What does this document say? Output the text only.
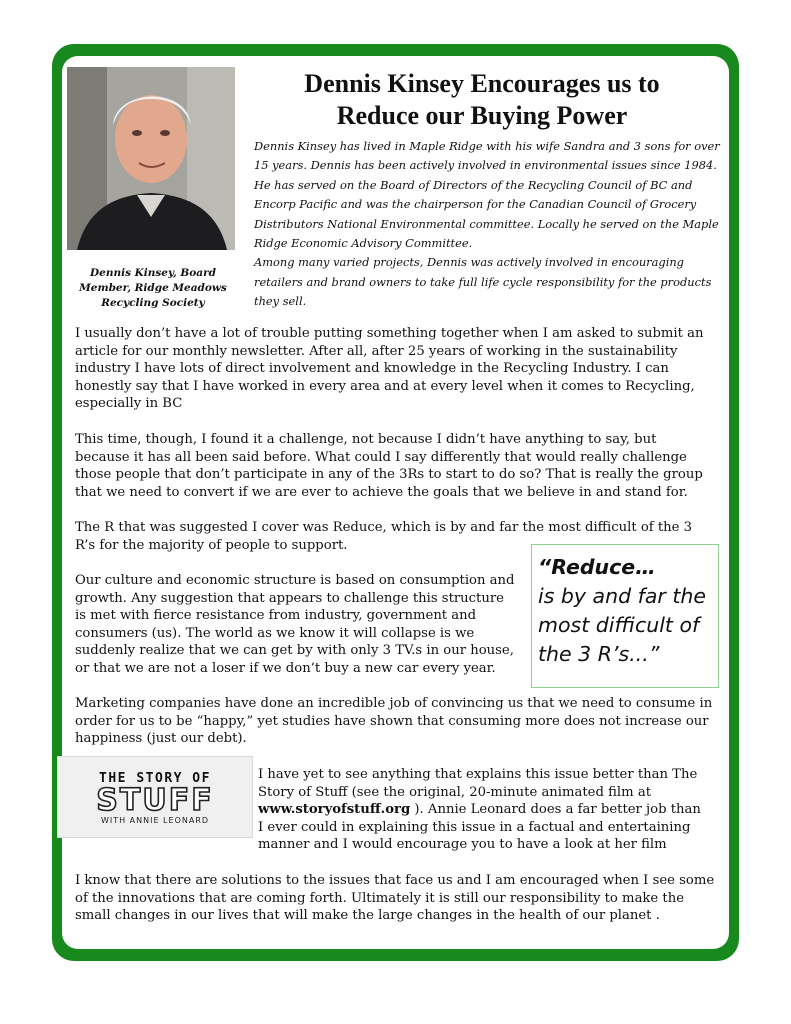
Dennis Kinsey, Board Member, Ridge Meadows Recycling Society
Dennis Kinsey Encourages us to Reduce our Buying Power

Dennis Kinsey has lived in Maple Ridge with his wife Sandra and 3 sons for over 15 years. Dennis has been actively involved in environmental issues since 1984. He has served on the Board of Directors of the Recycling Council of BC and Encorp Pacific and was the chairperson for the Canadian Council of Grocery Distributors National Environmental committee. Locally he served on the Maple Ridge Economic Advisory Committee.

Among many varied projects, Dennis was actively involved in encouraging retailers and brand owners to take full life cycle responsibility for the products they sell.

I usually don’t have a lot of trouble putting something together when I am asked to submit an article for our monthly newsletter. After all, after 25 years of working in the sustainability industry I have lots of direct involvement and knowledge in the Recycling Industry. I can honestly say that I have worked in every area and at every level when it comes to Recycling, especially in BC

This time, though, I found it a challenge, not because I didn’t have anything to say, but because it has all been said before. What could I say differently that would really challenge those people that don’t participate in any of the 3Rs to start to do so? That is really the group that we need to convert if we are ever to achieve the goals that we believe in and stand for.

The R that was suggested I cover was Reduce, which is by and far the most difficult of the 3 R’s for the majority of people to support.

Our culture and economic structure is based on consumption and growth. Any suggestion that appears to challenge this structure is met with fierce resistance from industry, government and consumers (us). The world as we know it will collapse is we suddenly realize that we can get by with only 3 TV.s in our house, or that we are not a loser if we don’t buy a new car every year.

“Reduce…
is by and far the most difficult of the 3 R’s...”

Marketing companies have done an incredible job of convincing us that we need to consume in order for us to be “happy,” yet studies have shown that consuming more does not increase our happiness (just our debt).

THE STORY OF
STUFF
WITH ANNIE LEONARD

I have yet to see anything that explains this issue better than The Story of Stuff (see the original, 20-minute animated film at www.storyofstuff.org ). Annie Leonard does a far better job than I ever could in explaining this issue in a factual and entertaining manner and I would encourage you to have a look at her film

I know that there are solutions to the issues that face us and I am encouraged when I see some of the innovations that are coming forth. Ultimately it is still our responsibility to make the small changes in our lives that will make the large changes in the health of our planet .
